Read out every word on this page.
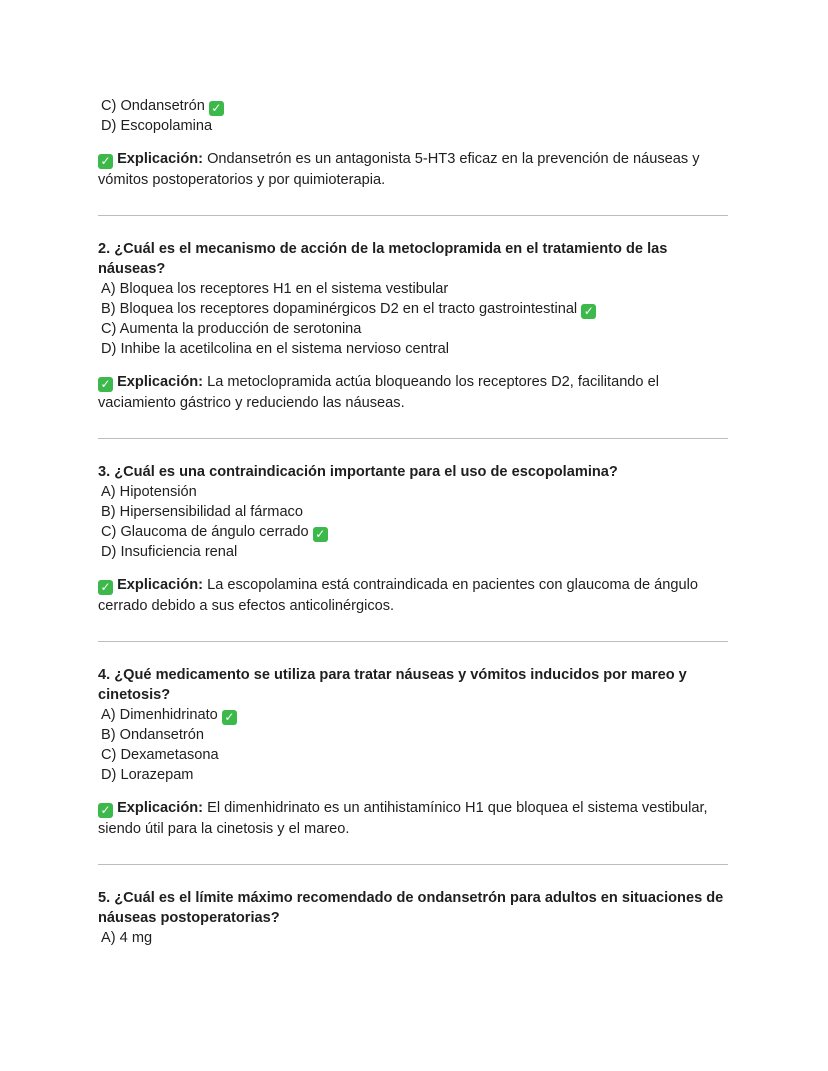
C) Ondansetrón ✓
D) Escopolamina
✓ Explicación: Ondansetrón es un antagonista 5-HT3 eficaz en la prevención de náuseas y vómitos postoperatorios y por quimioterapia.
2. ¿Cuál es el mecanismo de acción de la metoclopramida en el tratamiento de las náuseas?
A) Bloquea los receptores H1 en el sistema vestibular
B) Bloquea los receptores dopaminérgicos D2 en el tracto gastrointestinal ✓
C) Aumenta la producción de serotonina
D) Inhibe la acetilcolina en el sistema nervioso central
✓ Explicación: La metoclopramida actúa bloqueando los receptores D2, facilitando el vaciamiento gástrico y reduciendo las náuseas.
3. ¿Cuál es una contraindicación importante para el uso de escopolamina?
A) Hipotensión
B) Hipersensibilidad al fármaco
C) Glaucoma de ángulo cerrado ✓
D) Insuficiencia renal
✓ Explicación: La escopolamina está contraindicada en pacientes con glaucoma de ángulo cerrado debido a sus efectos anticolinérgicos.
4. ¿Qué medicamento se utiliza para tratar náuseas y vómitos inducidos por mareo y cinetosis?
A) Dimenhidrinato ✓
B) Ondansetrón
C) Dexametasona
D) Lorazepam
✓ Explicación: El dimenhidrinato es un antihistamínico H1 que bloquea el sistema vestibular, siendo útil para la cinetosis y el mareo.
5. ¿Cuál es el límite máximo recomendado de ondansetrón para adultos en situaciones de náuseas postoperatorias?
A) 4 mg
